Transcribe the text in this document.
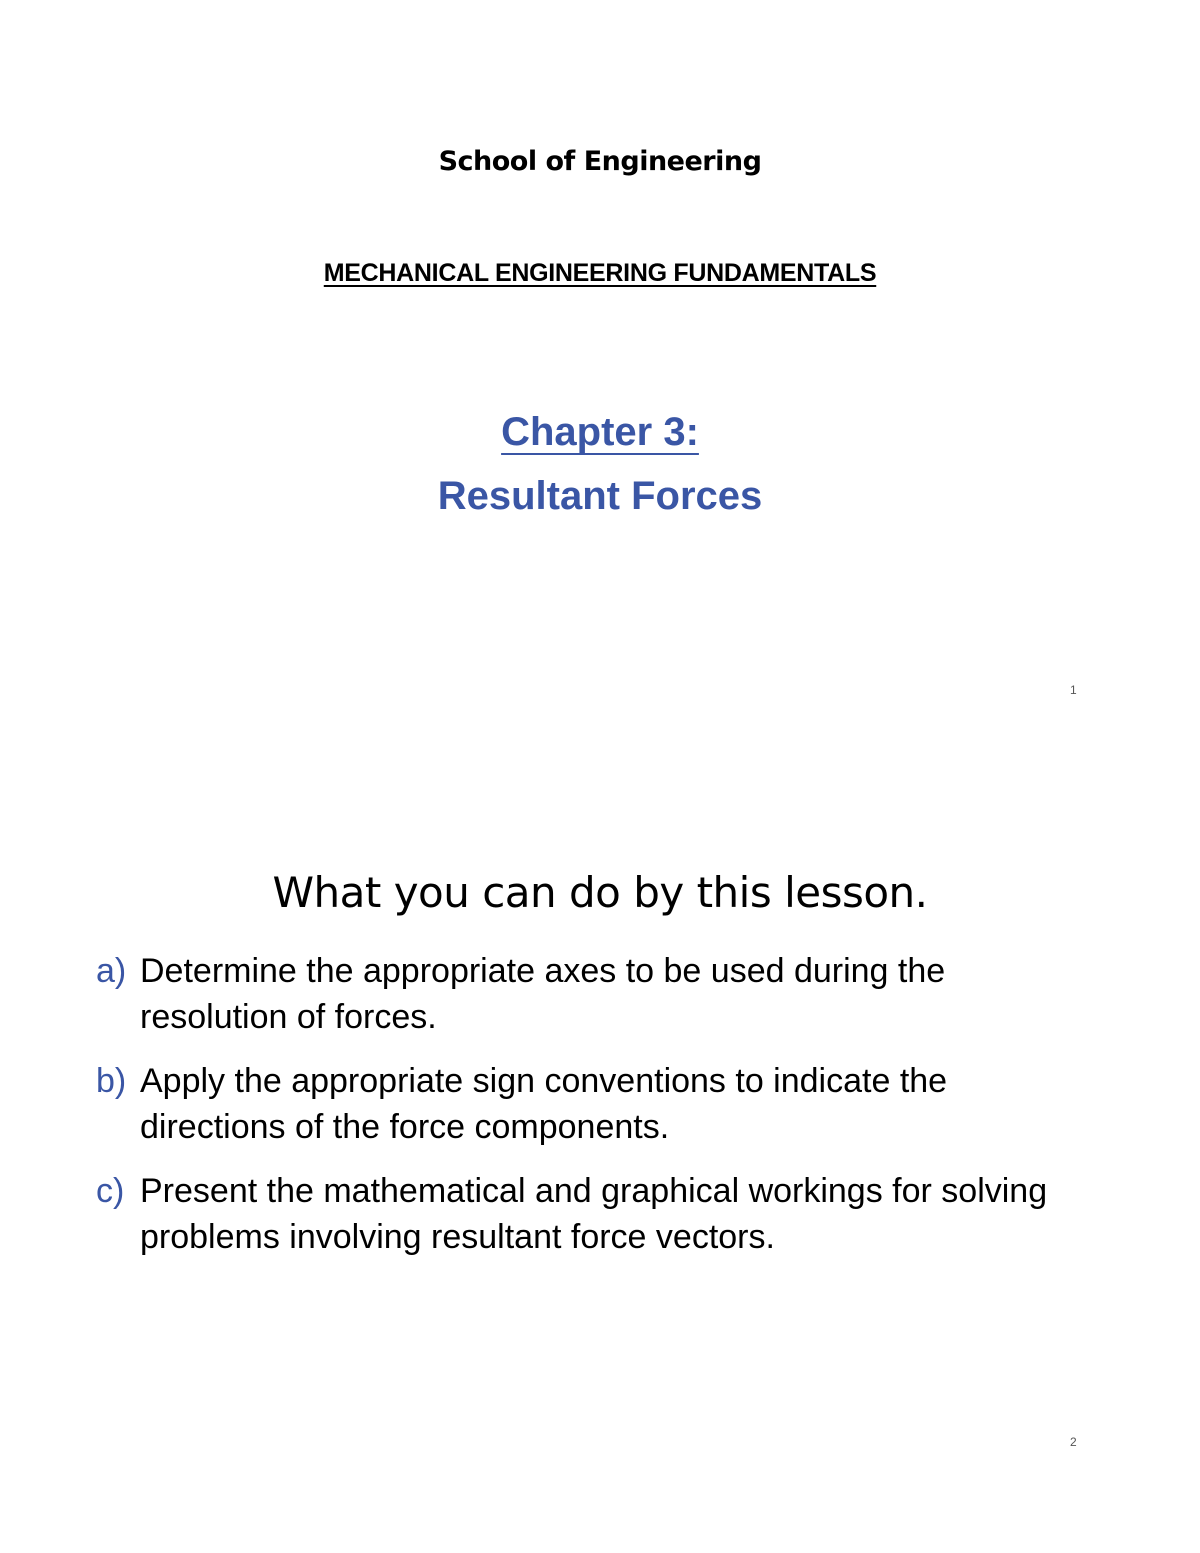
School of Engineering
MECHANICAL ENGINEERING FUNDAMENTALS
Chapter 3:
Resultant Forces
1
What you can do by this lesson.
a) Determine the appropriate axes to be used during the resolution of forces.
b) Apply the appropriate sign conventions to indicate the directions of the force components.
c) Present the mathematical and graphical workings for solving problems involving resultant force vectors.
2
